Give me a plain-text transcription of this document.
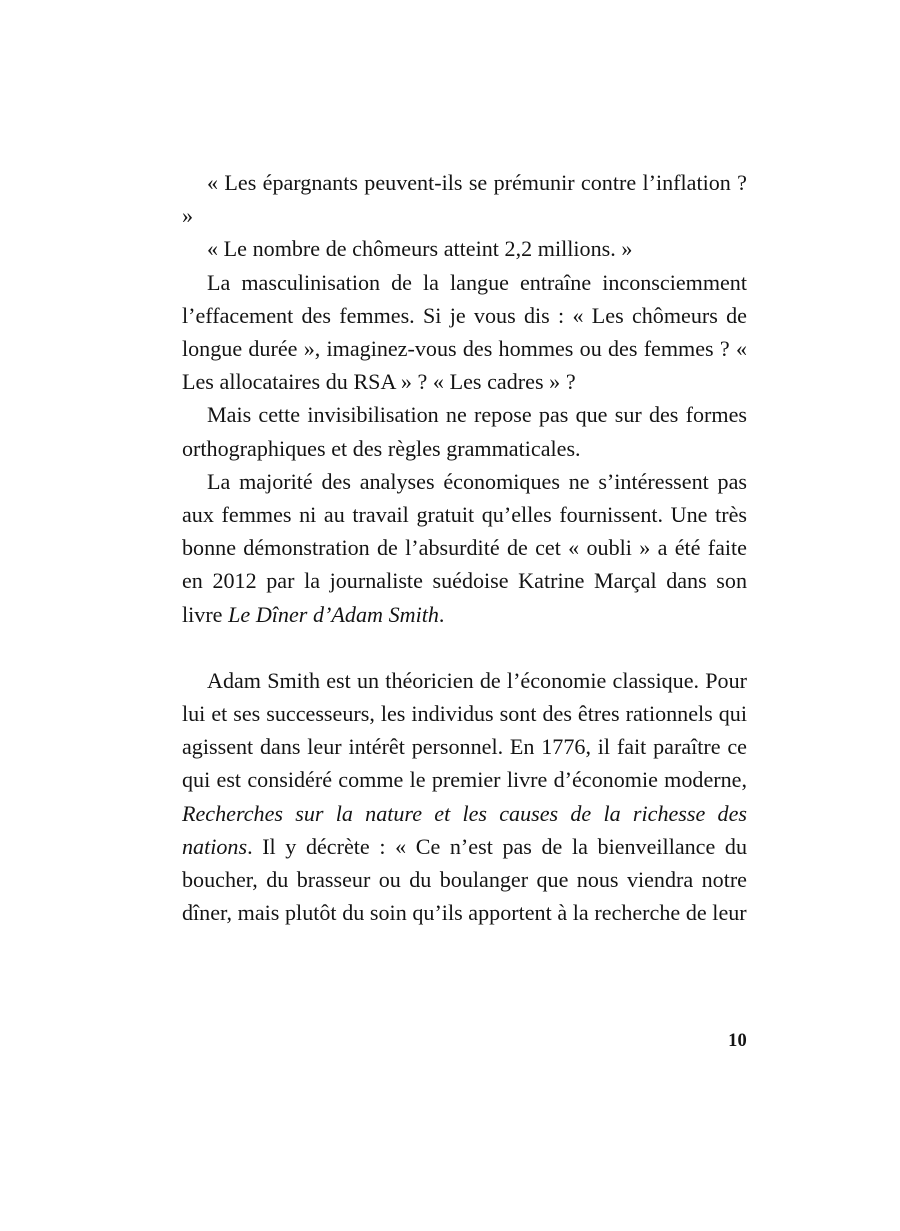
« Les épargnants peuvent-ils se prémunir contre l’inflation ? »

« Le nombre de chômeurs atteint 2,2 millions. »

La masculinisation de la langue entraîne inconsciemment l’effacement des femmes. Si je vous dis : « Les chômeurs de longue durée », imaginez-vous des hommes ou des femmes ? « Les allocataires du RSA » ? « Les cadres » ?

Mais cette invisibilisation ne repose pas que sur des formes orthographiques et des règles grammaticales.

La majorité des analyses économiques ne s’intéressent pas aux femmes ni au travail gratuit qu’elles fournissent. Une très bonne démonstration de l’absurdité de cet « oubli » a été faite en 2012 par la journaliste suédoise Katrine Marçal dans son livre Le Dîner d’Adam Smith.

Adam Smith est un théoricien de l’économie classique. Pour lui et ses successeurs, les individus sont des êtres rationnels qui agissent dans leur intérêt personnel. En 1776, il fait paraître ce qui est considéré comme le premier livre d’économie moderne, Recherches sur la nature et les causes de la richesse des nations. Il y décrète : « Ce n’est pas de la bienveillance du boucher, du brasseur ou du boulanger que nous viendra notre dîner, mais plutôt du soin qu’ils apportent à la recherche de leur

10
